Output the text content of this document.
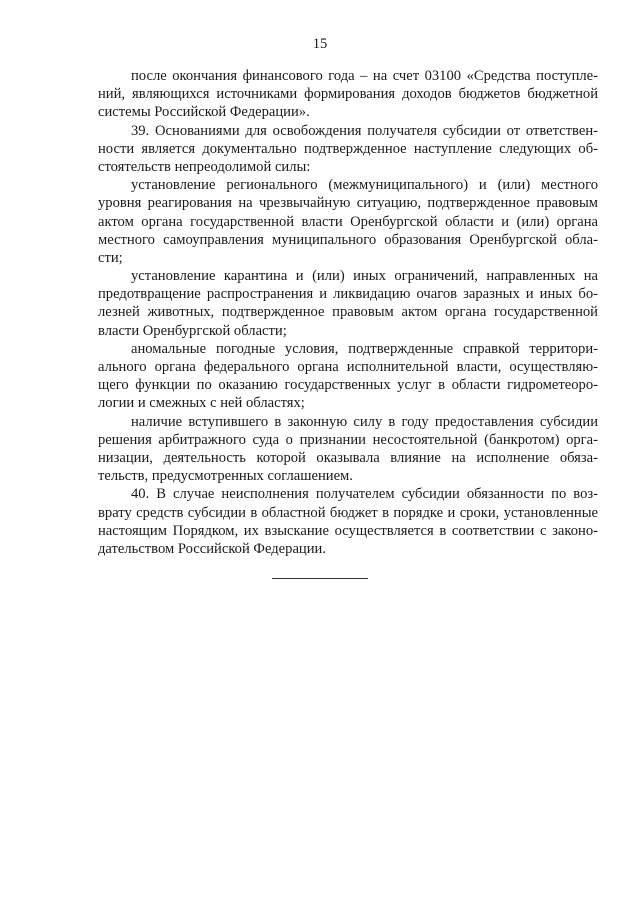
15
после окончания финансового года – на счет 03100 «Средства поступле-
ний, являющихся источниками формирования доходов бюджетов бюджетной
системы Российской Федерации».
39. Основаниями для освобождения получателя субсидии от ответствен-
ности является документально подтвержденное наступление следующих об-
стоятельств непреодолимой силы:
установление регионального (межмуниципального) и (или) местного
уровня реагирования на чрезвычайную ситуацию, подтвержденное правовым
актом органа государственной власти Оренбургской области и (или) органа
местного самоуправления муниципального образования Оренбургской обла-
сти;
установление карантина и (или) иных ограничений, направленных на
предотвращение распространения и ликвидацию очагов заразных и иных бо-
лезней животных, подтвержденное правовым актом органа государственной
власти Оренбургской области;
аномальные погодные условия, подтвержденные справкой территори-
ального органа федерального органа исполнительной власти, осуществляю-
щего функции по оказанию государственных услуг в области гидрометеоро-
логии и смежных с ней областях;
наличие вступившего в законную силу в году предоставления субсидии
решения арбитражного суда о признании несостоятельной (банкротом) орга-
низации, деятельность которой оказывала влияние на исполнение обяза-
тельств, предусмотренных соглашением.
40. В случае неисполнения получателем субсидии обязанности по воз-
врату средств субсидии в областной бюджет в порядке и сроки, установленные
настоящим Порядком, их взыскание осуществляется в соответствии с законо-
дательством Российской Федерации.
